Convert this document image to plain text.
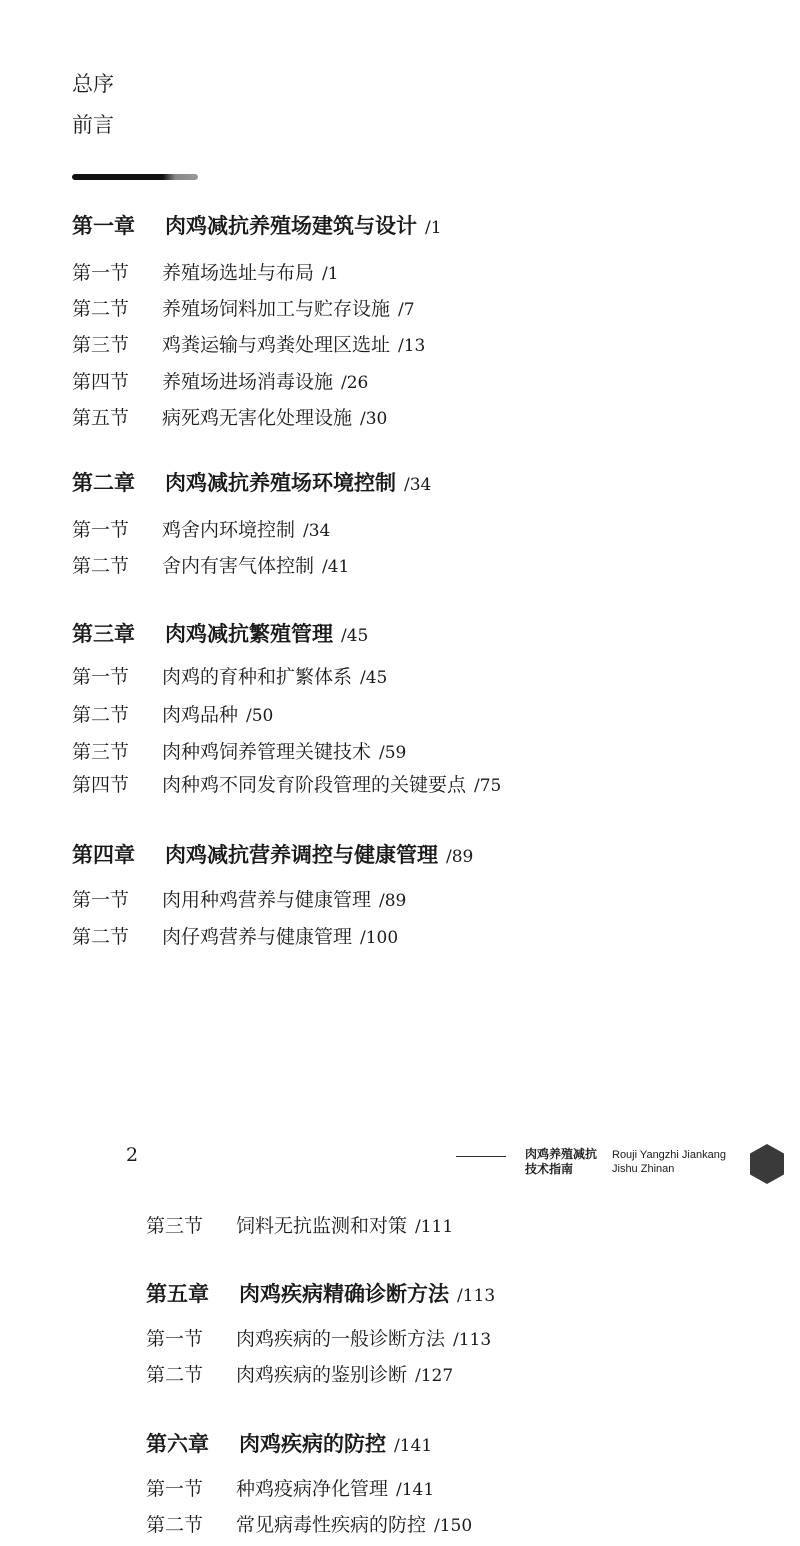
总序
前言
第一章 肉鸡减抗养殖场建筑与设计 /1
第一节 养殖场选址与布局 /1
第二节 养殖场饲料加工与贮存设施 /7
第三节 鸡粪运输与鸡粪处理区选址 /13
第四节 养殖场进场消毒设施 /26
第五节 病死鸡无害化处理设施 /30
第二章 肉鸡减抗养殖场环境控制 /34
第一节 鸡舍内环境控制 /34
第二节 舍内有害气体控制 /41
第三章 肉鸡减抗繁殖管理 /45
第一节 肉鸡的育种和扩繁体系 /45
第二节 肉鸡品种 /50
第三节 肉种鸡饲养管理关键技术 /59
第四节 肉种鸡不同发育阶段管理的关键要点 /75
第四章 肉鸡减抗营养调控与健康管理 /89
第一节 肉用种鸡营养与健康管理 /89
第二节 肉仔鸡营养与健康管理 /100
2	肉鸡养殖减抗
技术指南
Rouji Yangzhi Jiankang
Jishu Zhinan
第三节 饲料无抗监测和对策 /111
第五章 肉鸡疾病精确诊断方法 /113
第一节 肉鸡疾病的一般诊断方法 /113
第二节 肉鸡疾病的鉴别诊断 /127
第六章 肉鸡疾病的防控 /141
第一节 种鸡疫病净化管理 /141
第二节 常见病毒性疾病的防控 /150
